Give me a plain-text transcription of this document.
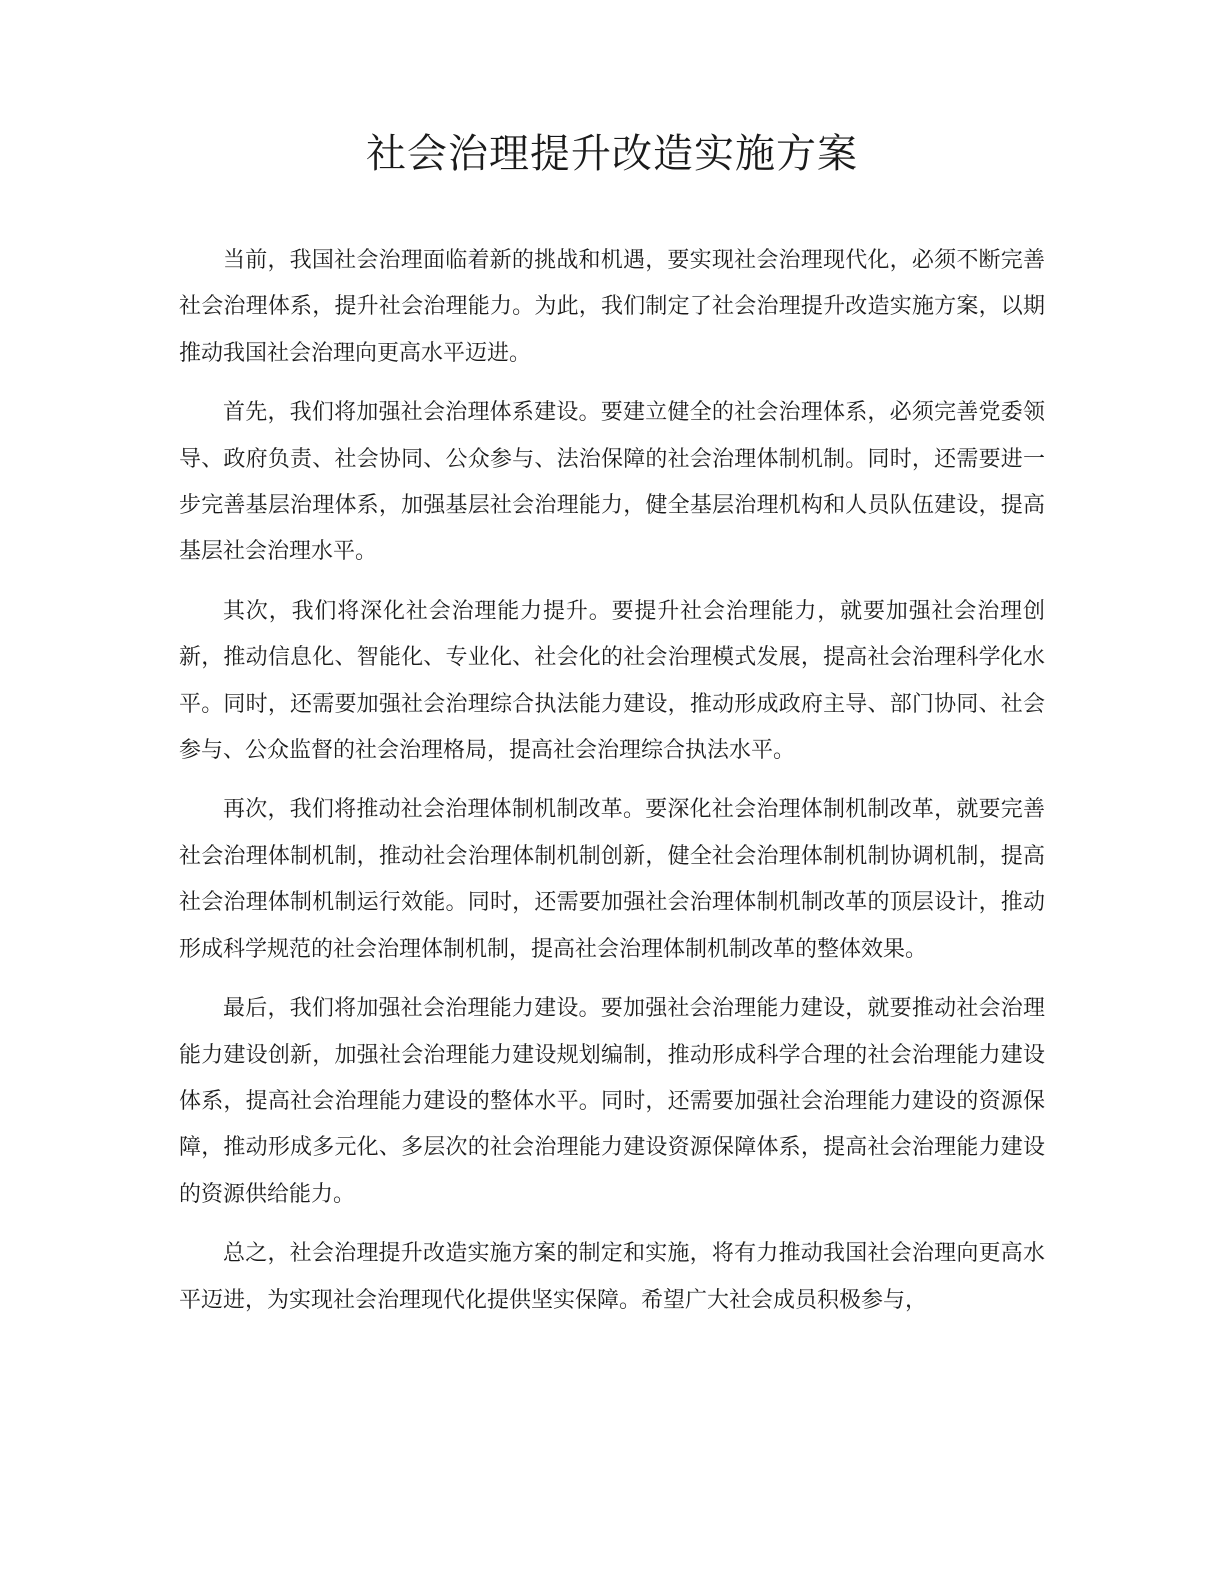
社会治理提升改造实施方案

当前，我国社会治理面临着新的挑战和机遇，要实现社会治理现代化，必须不断完善社会治理体系，提升社会治理能力。为此，我们制定了社会治理提升改造实施方案，以期推动我国社会治理向更高水平迈进。

首先，我们将加强社会治理体系建设。要建立健全的社会治理体系，必须完善党委领导、政府负责、社会协同、公众参与、法治保障的社会治理体制机制。同时，还需要进一步完善基层治理体系，加强基层社会治理能力，健全基层治理机构和人员队伍建设，提高基层社会治理水平。

其次，我们将深化社会治理能力提升。要提升社会治理能力，就要加强社会治理创新，推动信息化、智能化、专业化、社会化的社会治理模式发展，提高社会治理科学化水平。同时，还需要加强社会治理综合执法能力建设，推动形成政府主导、部门协同、社会参与、公众监督的社会治理格局，提高社会治理综合执法水平。

再次，我们将推动社会治理体制机制改革。要深化社会治理体制机制改革，就要完善社会治理体制机制，推动社会治理体制机制创新，健全社会治理体制机制协调机制，提高社会治理体制机制运行效能。同时，还需要加强社会治理体制机制改革的顶层设计，推动形成科学规范的社会治理体制机制，提高社会治理体制机制改革的整体效果。

最后，我们将加强社会治理能力建设。要加强社会治理能力建设，就要推动社会治理能力建设创新，加强社会治理能力建设规划编制，推动形成科学合理的社会治理能力建设体系，提高社会治理能力建设的整体水平。同时，还需要加强社会治理能力建设的资源保障，推动形成多元化、多层次的社会治理能力建设资源保障体系，提高社会治理能力建设的资源供给能力。

总之，社会治理提升改造实施方案的制定和实施，将有力推动我国社会治理向更高水平迈进，为实现社会治理现代化提供坚实保障。希望广大社会成员积极参与，
